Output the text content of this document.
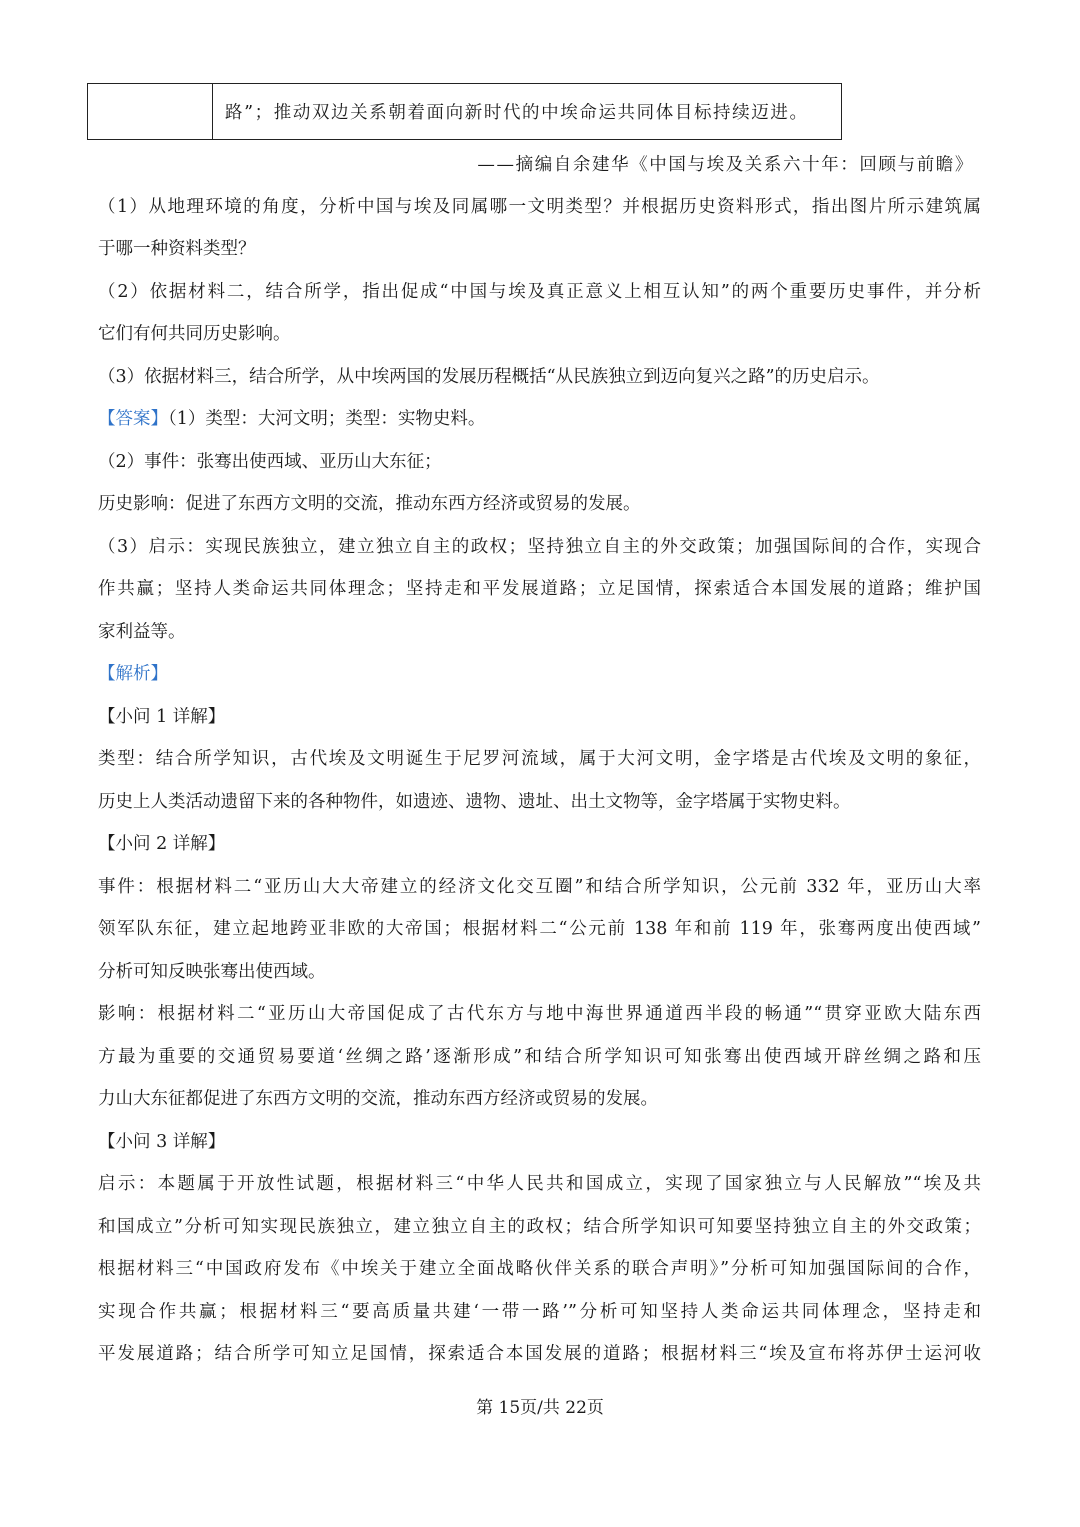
路”；推动双边关系朝着面向新时代的中埃命运共同体目标持续迈进。
——摘编自余建华《中国与埃及关系六十年：回顾与前瞻》
（1）从地理环境的角度，分析中国与埃及同属哪一文明类型？并根据历史资料形式，指出图片所示建筑属
于哪一种资料类型？
（2）依据材料二，结合所学，指出促成“中国与埃及真正意义上相互认知”的两个重要历史事件，并分析
它们有何共同历史影响。
（3）依据材料三，结合所学，从中埃两国的发展历程概括“从民族独立到迈向复兴之路”的历史启示。
【答案】（1）类型：大河文明；类型：实物史料。
（2）事件：张骞出使西域、亚历山大东征；
历史影响：促进了东西方文明的交流，推动东西方经济或贸易的发展。
（3）启示：实现民族独立，建立独立自主的政权；坚持独立自主的外交政策；加强国际间的合作，实现合
作共赢；坚持人类命运共同体理念；坚持走和平发展道路；立足国情，探索适合本国发展的道路；维护国
家利益等。
【解析】
【小问 1 详解】
类型：结合所学知识，古代埃及文明诞生于尼罗河流域，属于大河文明，金字塔是古代埃及文明的象征，
历史上人类活动遗留下来的各种物件，如遗迹、遗物、遗址、出土文物等，金字塔属于实物史料。
【小问 2 详解】
事件：根据材料二“亚历山大大帝建立的经济文化交互圈”和结合所学知识，公元前 332 年，亚历山大率
领军队东征，建立起地跨亚非欧的大帝国；根据材料二“公元前 138 年和前 119 年，张骞两度出使西域”
分析可知反映张骞出使西域。
影响：根据材料二“亚历山大帝国促成了古代东方与地中海世界通道西半段的畅通”“贯穿亚欧大陆东西
方最为重要的交通贸易要道‘丝绸之路’逐渐形成”和结合所学知识可知张骞出使西域开辟丝绸之路和压
力山大东征都促进了东西方文明的交流，推动东西方经济或贸易的发展。
【小问 3 详解】
启示：本题属于开放性试题，根据材料三“中华人民共和国成立，实现了国家独立与人民解放”“埃及共
和国成立”分析可知实现民族独立，建立独立自主的政权；结合所学知识可知要坚持独立自主的外交政策；
根据材料三“中国政府发布《中埃关于建立全面战略伙伴关系的联合声明》”分析可知加强国际间的合作，
实现合作共赢；根据材料三“要高质量共建‘一带一路’”分析可知坚持人类命运共同体理念，坚持走和
平发展道路；结合所学可知立足国情，探索适合本国发展的道路；根据材料三“埃及宣布将苏伊士运河收
第 15页/共 22页
